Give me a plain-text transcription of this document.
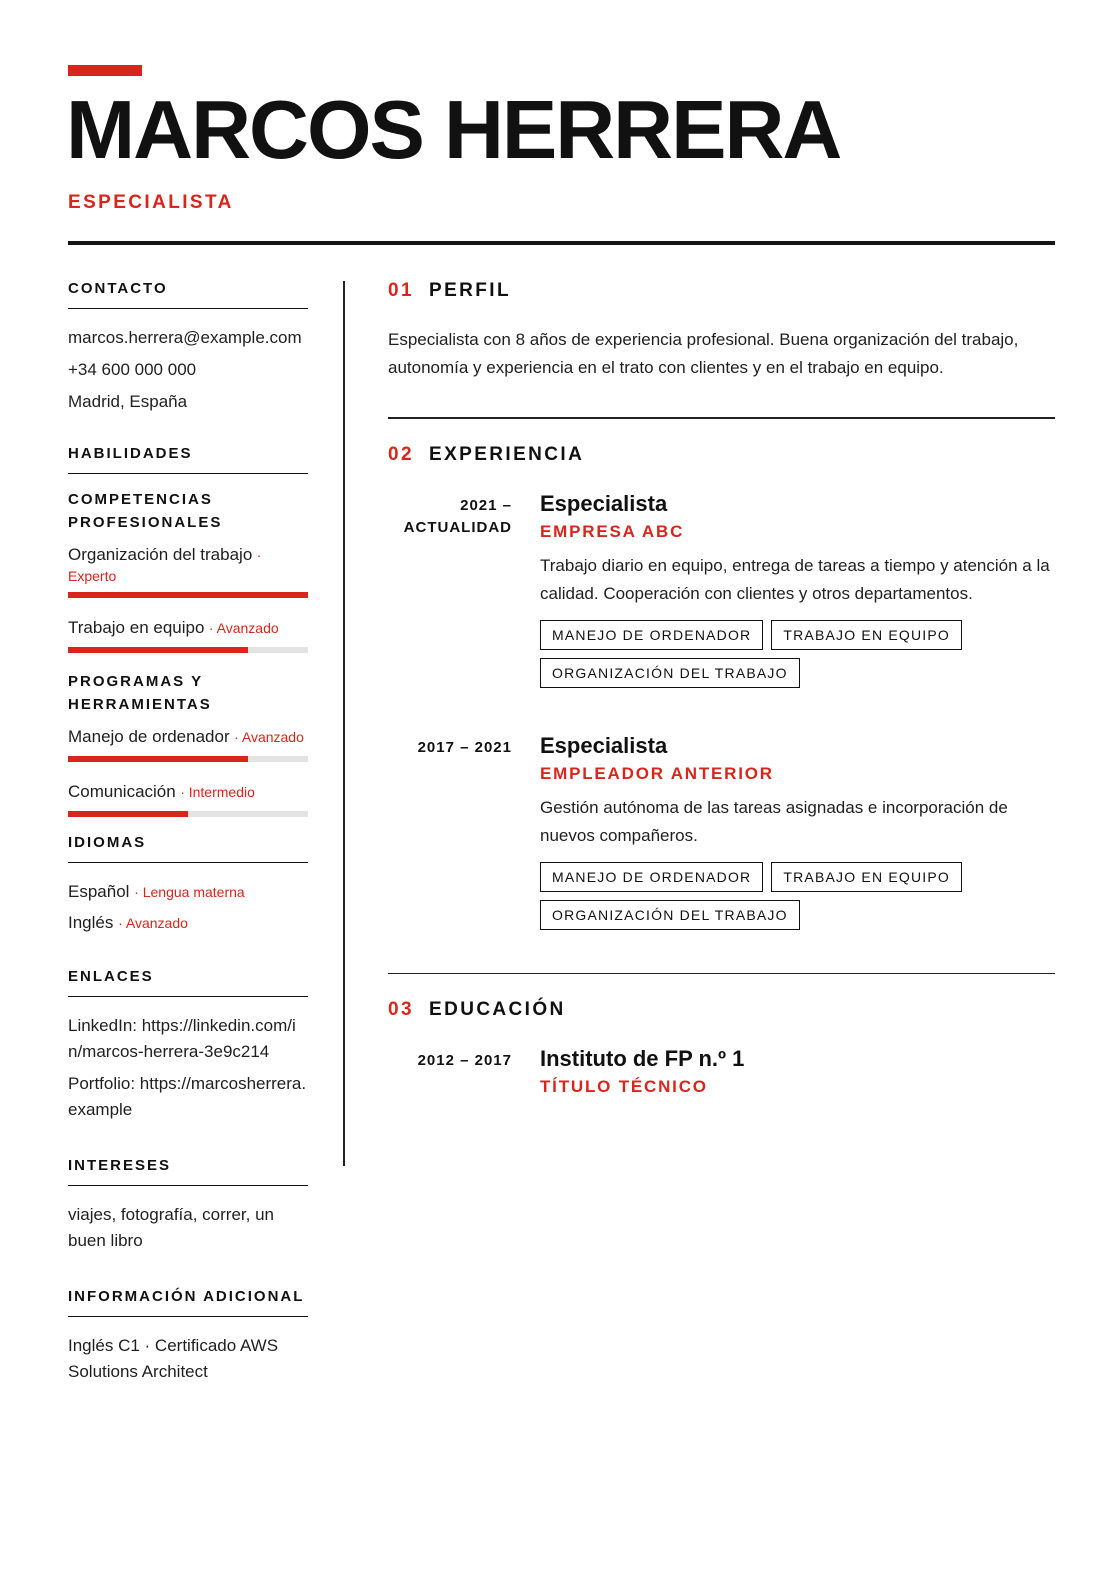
MARCOS HERRERA
ESPECIALISTA
CONTACTO
marcos.herrera@example.com
+34 600 000 000
Madrid, España
HABILIDADES
COMPETENCIAS PROFESIONALES
Organización del trabajo · Experto
Trabajo en equipo · Avanzado
PROGRAMAS Y HERRAMIENTAS
Manejo de ordenador · Avanzado
Comunicación · Intermedio
IDIOMAS
Español · Lengua materna
Inglés · Avanzado
ENLACES
LinkedIn: https://linkedin.com/in/marcos-herrera-3e9c214
Portfolio: https://marcosherrera.example
INTERESES
viajes, fotografía, correr, un buen libro
INFORMACIÓN ADICIONAL
Inglés C1 · Certificado AWS Solutions Architect
01 PERFIL

Especialista con 8 años de experiencia profesional. Buena organización del trabajo, autonomía y experiencia en el trato con clientes y en el trabajo en equipo.

02 EXPERIENCIA
2021 –
ACTUALIDAD
Especialista
EMPRESA ABC
Trabajo diario en equipo, entrega de tareas a tiempo y atención a la calidad. Cooperación con clientes y otros departamentos.
MANEJO DE ORDENADOR	TRABAJO EN EQUIPO
ORGANIZACIÓN DEL TRABAJO
2017 – 2021 Especialista
EMPLEADOR ANTERIOR
Gestión autónoma de las tareas asignadas e incorporación de nuevos compañeros.
MANEJO DE ORDENADOR	TRABAJO EN EQUIPO
ORGANIZACIÓN DEL TRABAJO
03 EDUCACIÓN
2012 – 2017 Instituto de FP n.º 1
TÍTULO TÉCNICO
